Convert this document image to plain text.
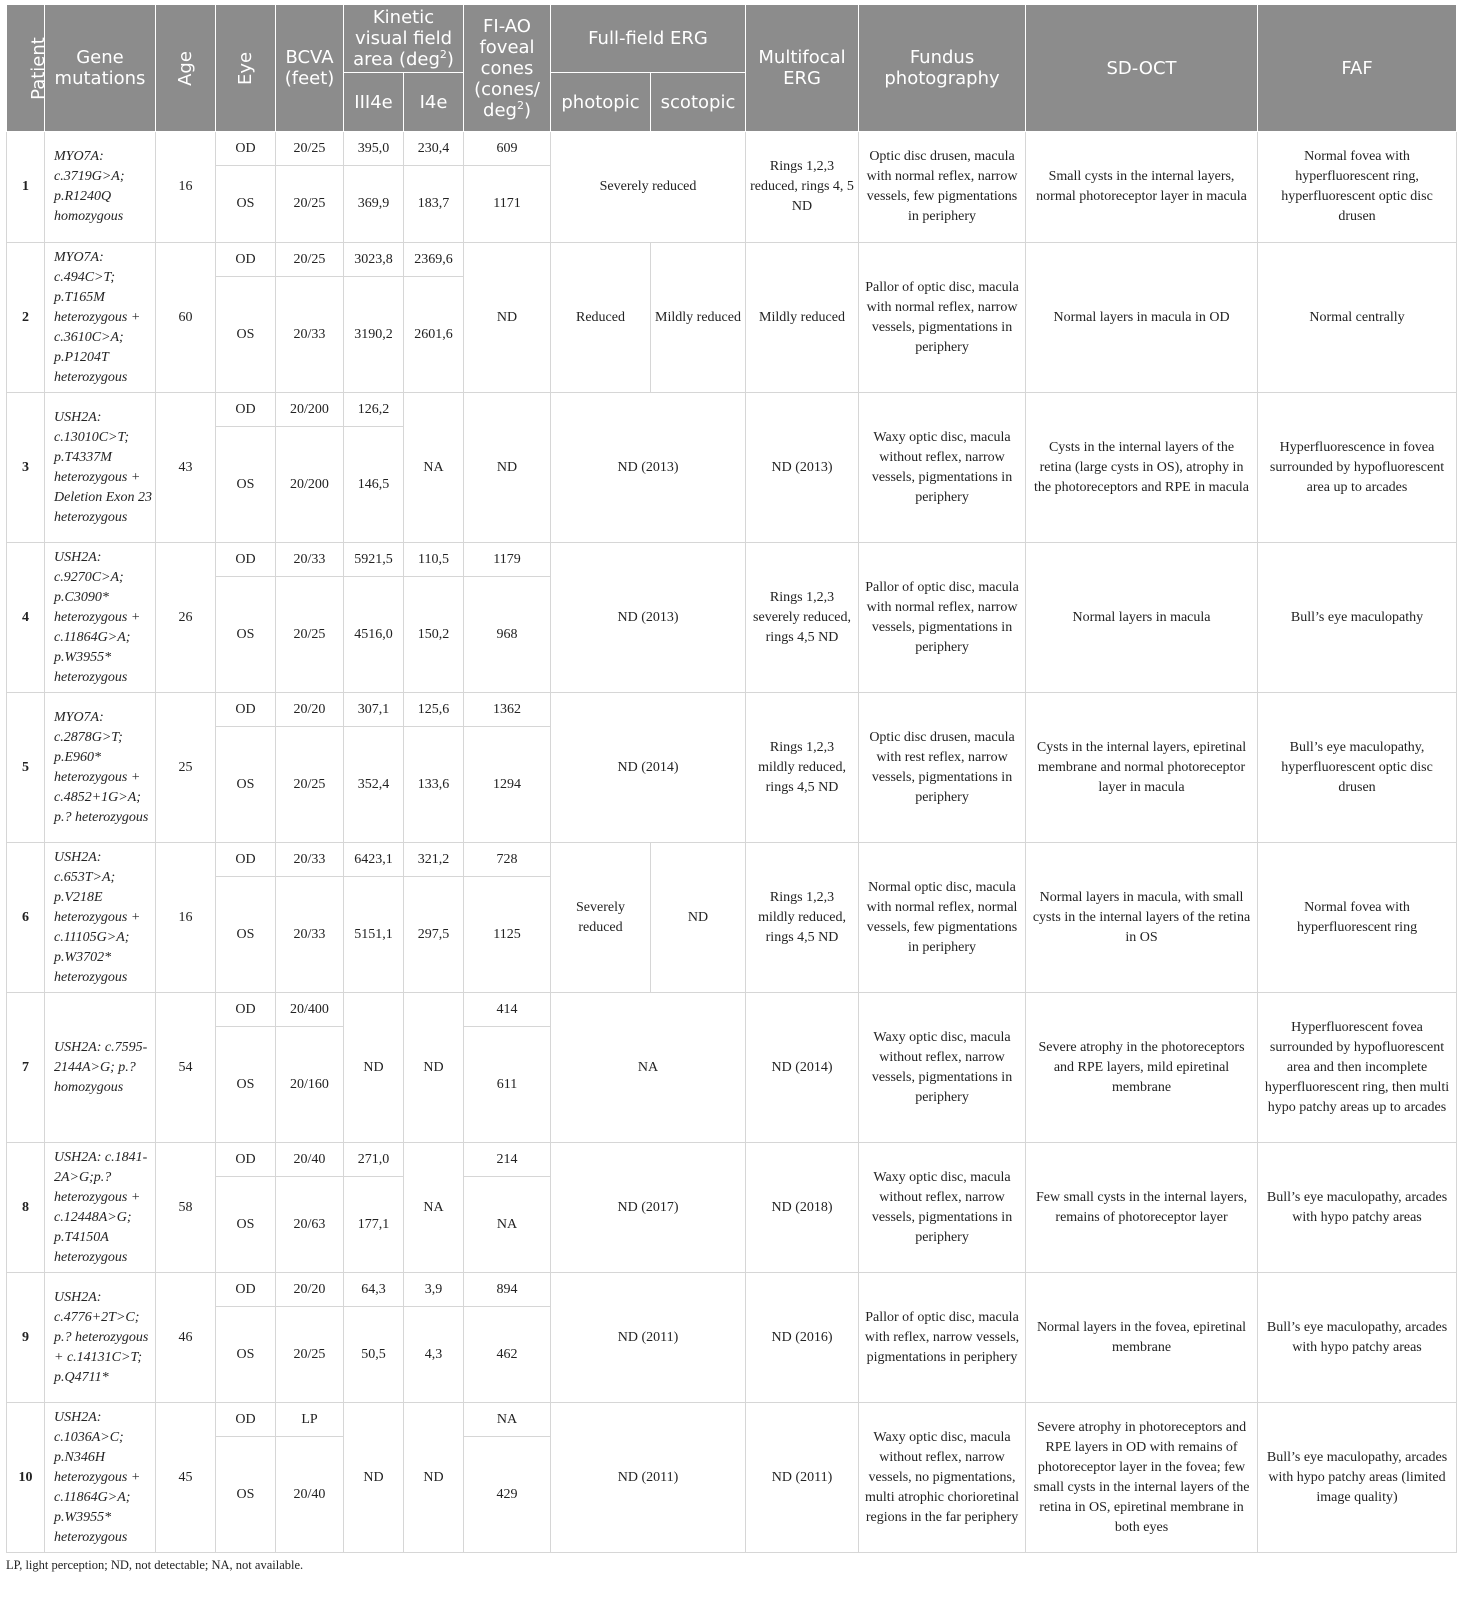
Patient	Gene mutations	Age	Eye	BCVA (feet)	Kinetic visual field area (deg$^2$)		FI-AO foveal cones (cones/ deg$^2$)	Full-field ERG		Multifocal ERG	Fundus photography	SD-OCT	FAF
					III4e	I4e		photopic	scotopic				
1	MYO7A: c.3719G>A; p.R1240Q homozygous	16	OD	20/25	395,0	230,4	609	Severely reduced		Rings 1,2,3 reduced, rings 4, 5 ND	Optic disc drusen, macula with normal reflex, narrow vessels, few pigmentations in periphery	Small cysts in the internal layers, normal photoreceptor layer in macula	Normal fovea with hyperfluorescent ring, hyperfluorescent optic disc drusen
			OS	20/25	369,9	183,7	1171						
2	MYO7A: c.494C>T; p.T165M heterozygous + c.3610C>A; p.P1204T heterozygous	60	OD	20/25	3023,8	2369,6	ND	Reduced	Mildly reduced	Mildly reduced	Pallor of optic disc, macula with normal reflex, narrow vessels, pigmentations in periphery	Normal layers in macula in OD	Normal centrally
			OS	20/33	3190,2	2601,6							
3	USH2A: c.13010C>T; p.T4337M heterozygous + Deletion Exon 23 heterozygous	43	OD	20/200	126,2	NA	ND	ND (2013)		ND (2013)	Waxy optic disc, macula without reflex, narrow vessels, pigmentations in periphery	Cysts in the internal layers of the retina (large cysts in OS), atrophy in the photoreceptors and RPE in macula	Hyperfluorescence in fovea surrounded by hypofluorescent area up to arcades
			OS	20/200	146,5								
4	USH2A: c.9270C>A; p.C3090* heterozygous + c.11864G>A; p.W3955* heterozygous	26	OD	20/33	5921,5	110,5	1179	ND (2013)		Rings 1,2,3 severely reduced, rings 4,5 ND	Pallor of optic disc, macula with normal reflex, narrow vessels, pigmentations in periphery	Normal layers in macula	Bull’s eye maculopathy
			OS	20/25	4516,0	150,2	968						
5	MYO7A: c.2878G>T; p.E960* heterozygous + c.4852+1G>A; p.? heterozygous	25	OD	20/20	307,1	125,6	1362	ND (2014)		Rings 1,2,3 mildly reduced, rings 4,5 ND	Optic disc drusen, macula with rest reflex, narrow vessels, pigmentations in periphery	Cysts in the internal layers, epiretinal membrane and normal photoreceptor layer in macula	Bull’s eye maculopathy, hyperfluorescent optic disc drusen
			OS	20/25	352,4	133,6	1294						
6	USH2A: c.653T>A; p.V218E heterozygous + c.11105G>A; p.W3702* heterozygous	16	OD	20/33	6423,1	321,2	728	Severely reduced	ND	Rings 1,2,3 mildly reduced, rings 4,5 ND	Normal optic disc, macula with normal reflex, normal vessels, few pigmentations in periphery	Normal layers in macula, with small cysts in the internal layers of the retina in OS	Normal fovea with hyperfluorescent ring
			OS	20/33	5151,1	297,5	1125						
7	USH2A: c.7595-2144A>G; p.? homozygous	54	OD	20/400	ND	ND	414	NA		ND (2014)	Waxy optic disc, macula without reflex, narrow vessels, pigmentations in periphery	Severe atrophy in the photoreceptors and RPE layers, mild epiretinal membrane	Hyperfluorescent fovea surrounded by hypofluorescent area and then incomplete hyperfluorescent ring, then multi hypo patchy areas up to arcades
			OS	20/160			611						
8	USH2A: c.1841-2A>G;p.? heterozygous + c.12448A>G; p.T4150A heterozygous	58	OD	20/40	271,0	NA	214	ND (2017)		ND (2018)	Waxy optic disc, macula without reflex, narrow vessels, pigmentations in periphery	Few small cysts in the internal layers, remains of photoreceptor layer	Bull’s eye maculopathy, arcades with hypo patchy areas
			OS	20/63	177,1		NA						
9	USH2A: c.4776+2T>C; p.? heterozygous + c.14131C>T; p.Q4711*	46	OD	20/20	64,3	3,9	894	ND (2011)		ND (2016)	Pallor of optic disc, macula with reflex, narrow vessels, pigmentations in periphery	Normal layers in the fovea, epiretinal membrane	Bull’s eye maculopathy, arcades with hypo patchy areas
			OS	20/25	50,5	4,3	462						
10	USH2A: c.1036A>C; p.N346H heterozygous + c.11864G>A; p.W3955* heterozygous	45	OD	LP	ND	ND	NA	ND (2011)		ND (2011)	Waxy optic disc, macula without reflex, narrow vessels, no pigmentations, multi atrophic chorioretinal regions in the far periphery	Severe atrophy in photoreceptors and RPE layers in OD with remains of photoreceptor layer in the fovea; few small cysts in the internal layers of the retina in OS, epiretinal membrane in both eyes	Bull’s eye maculopathy, arcades with hypo patchy areas (limited image quality)
			OS	20/40			429						
LP, light perception; ND, not detectable; NA, not available.
